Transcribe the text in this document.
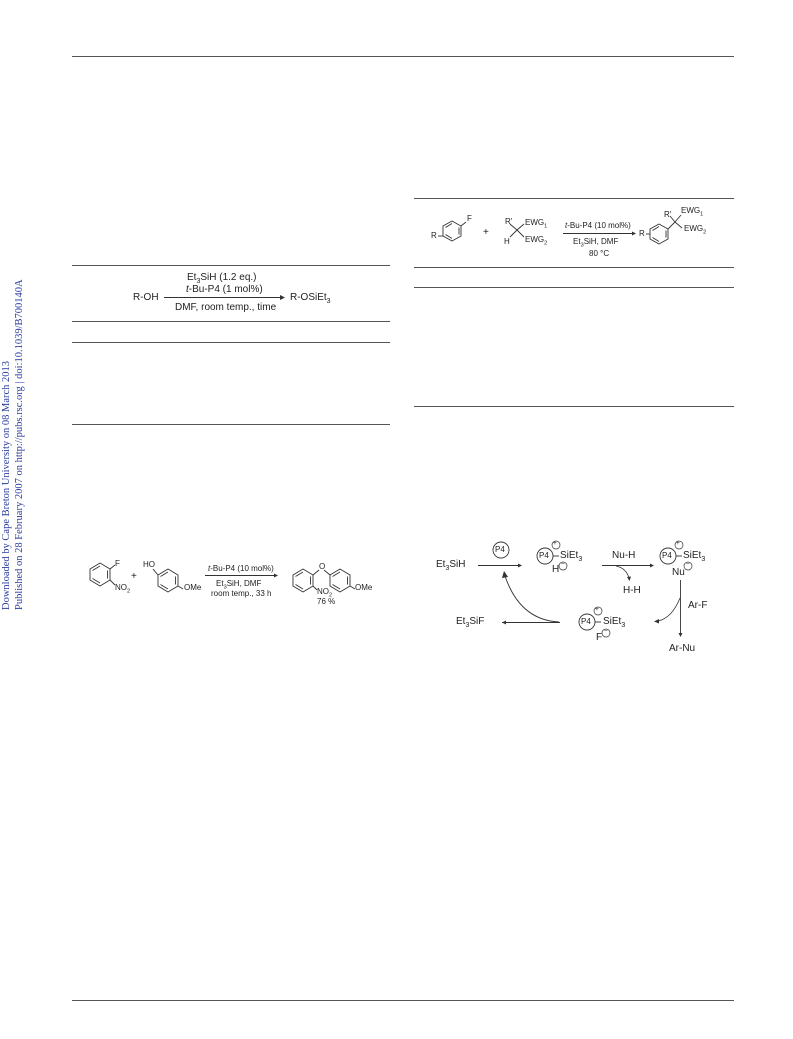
Downloaded by Cape Breton University on 08 March 2013 Published on 28 February 2007 on http://pubs.rsc.org | doi:10.1039/B700140A
$Et_3SiH$ (1.2 eq.)
t-Bu-P4 (1 mol%)
R-OH	R-OSiEt$_3$
DMF, room temp., time
F
R	+
R'
H
$EWG_1$
$EWG_2$
t-Bu-P4 (10 mol%)
$Et_3SiH$, DMF
80 °C
R
R' $EWG_1$
$EWG_2$
F
$NO_2$
+
HO
OMe
t-Bu-P4 (10 mol%)
$Et_3SiH$, DMF
room temp., 33 h
O
$NO_2$
OMe
76 %
$Et_3SiH$
P4
P4
+
SiEt$_3$
H −
Nu-H
H-H
P4
+
SiEt$_3$
Nu
−
Ar-F
Ar-Nu
P4
+
SiEt$_3$
F
−
$Et_3SiF$
